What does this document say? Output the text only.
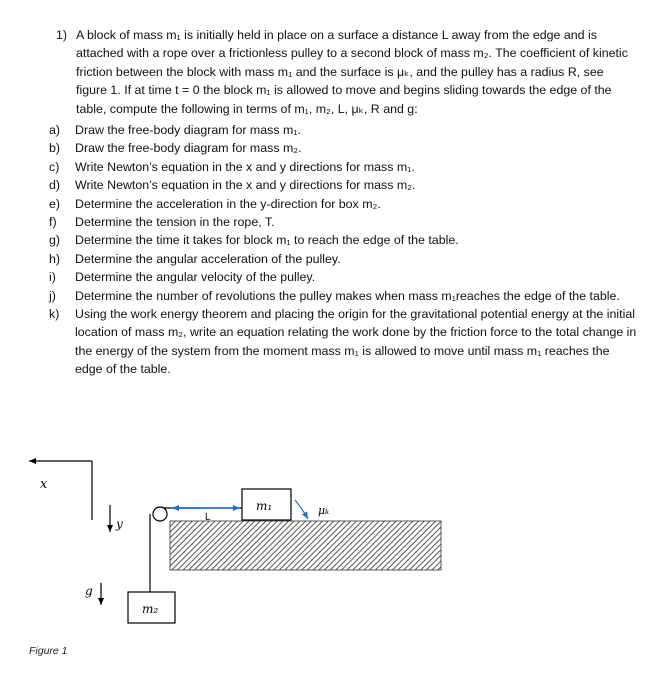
1) A block of mass m₁ is initially held in place on a surface a distance L away from the edge and is attached with a rope over a frictionless pulley to a second block of mass m₂. The coefficient of kinetic friction between the block with mass m₁ and the surface is μₖ, and the pulley has a radius R, see figure 1. If at time t = 0 the block m₁ is allowed to move and begins sliding towards the edge of the table, compute the following in terms of m₁, m₂, L, μₖ, R and g:
a)	Draw the free-body diagram for mass m₁.
b)	Draw the free-body diagram for mass m₂.
c)	Write Newton’s equation in the x and y directions for mass m₁.
d)	Write Newton’s equation in the x and y directions for mass m₂.
e)	Determine the acceleration in the y-direction for box m₂.
f)	Determine the tension in the rope, T.
g)	Determine the time it takes for block m₁ to reach the edge of the table.
h)	Determine the angular acceleration of the pulley.
i)	Determine the angular velocity of the pulley.
j)	Determine the number of revolutions the pulley makes when mass m₁reaches the edge of the table.
k)	Using the work energy theorem and placing the origin for the gravitational potential energy at the initial location of mass m₂, write an equation relating the work done by the friction force to the total change in the energy of the system from the moment mass m₁ is allowed to move until mass m₁ reaches the edge of the table.
x
y
g
L
m₁	μₖ
m₂
Figure 1
